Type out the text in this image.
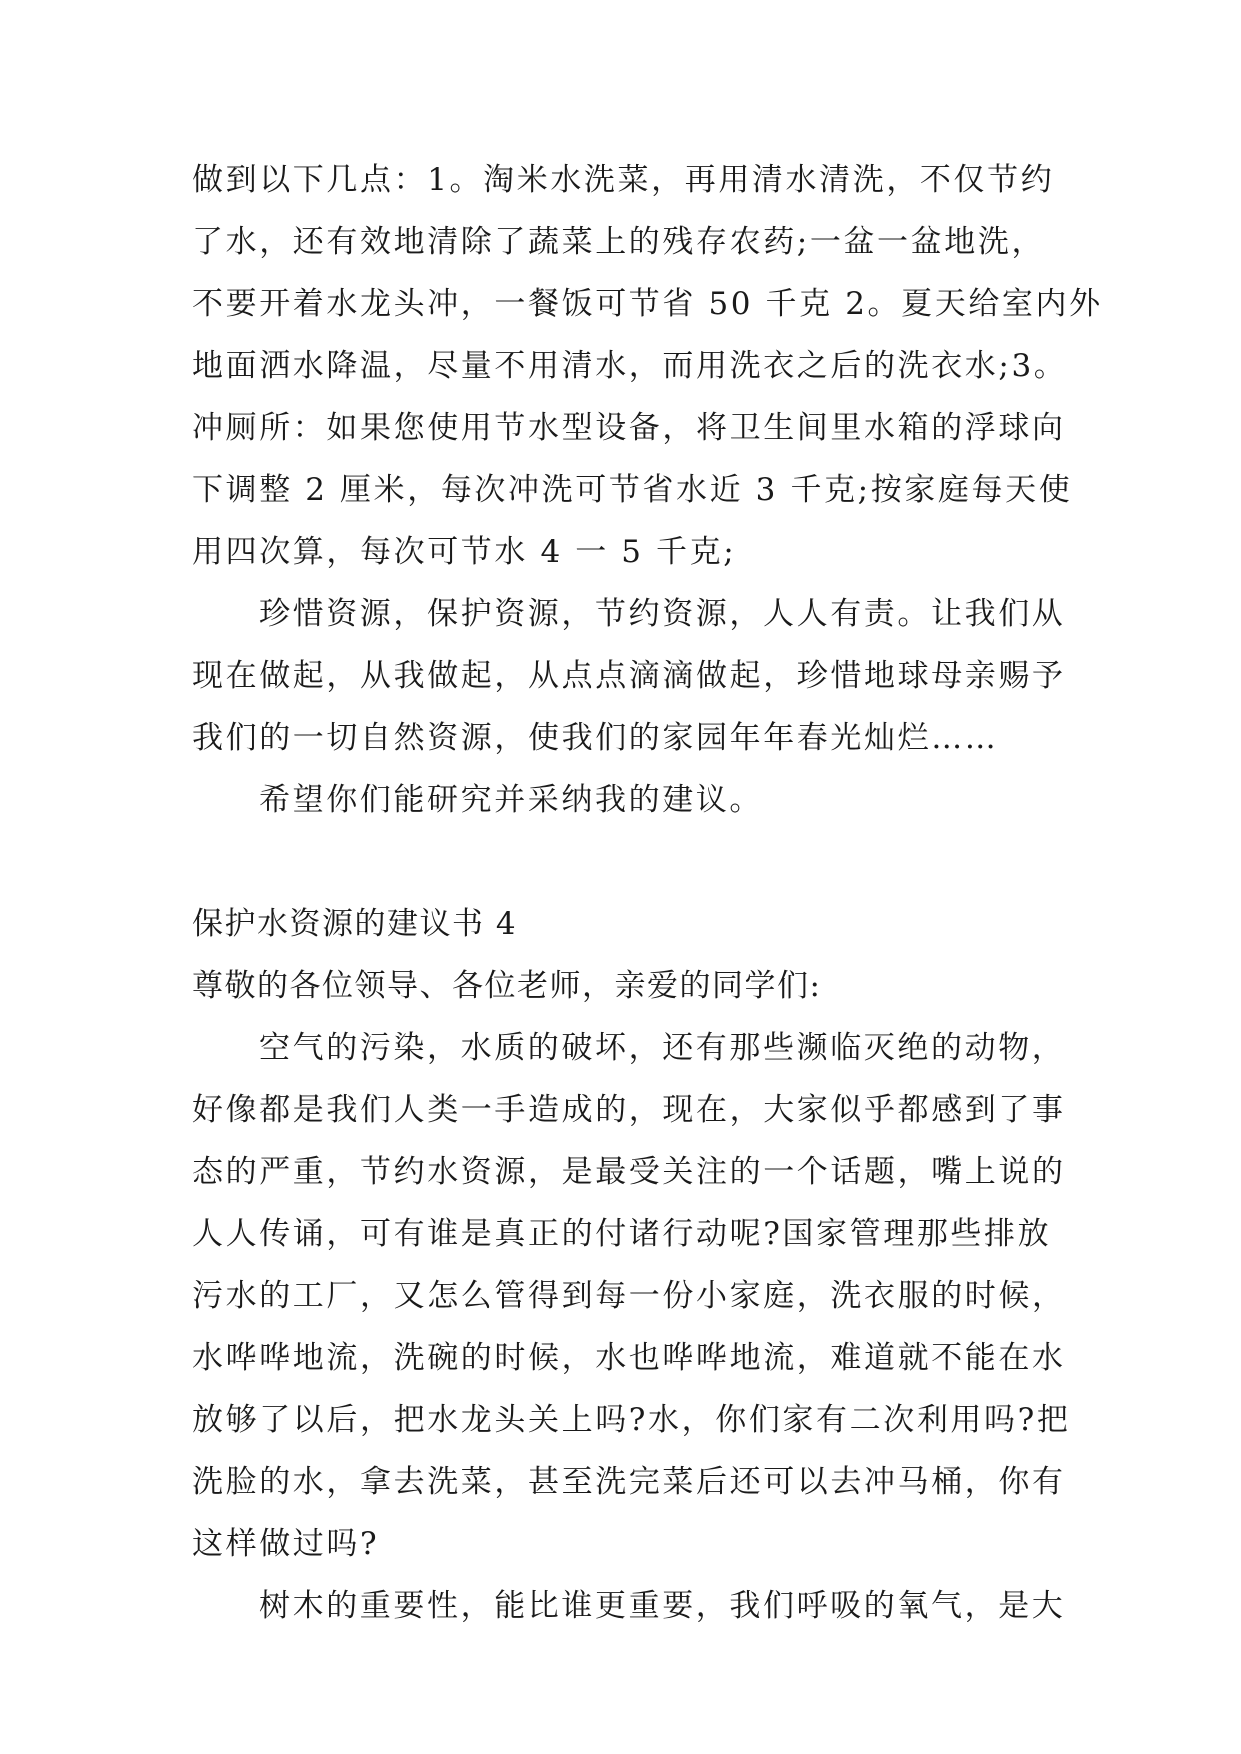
做到以下几点：1。淘米水洗菜，再用清水清洗，不仅节约
了水，还有效地清除了蔬菜上的残存农药;一盆一盆地洗，
不要开着水龙头冲，一餐饭可节省 50 千克 2。夏天给室内外
地面洒水降温，尽量不用清水，而用洗衣之后的洗衣水;3。
冲厕所：如果您使用节水型设备，将卫生间里水箱的浮球向
下调整 2 厘米，每次冲洗可节省水近 3 千克;按家庭每天使
用四次算，每次可节水 4 一 5 千克;
珍惜资源，保护资源，节约资源，人人有责。让我们从
现在做起，从我做起，从点点滴滴做起，珍惜地球母亲赐予
我们的一切自然资源，使我们的家园年年春光灿烂……
希望你们能研究并采纳我的建议。
保护水资源的建议书 4
尊敬的各位领导、各位老师，亲爱的同学们:
空气的污染，水质的破坏，还有那些濒临灭绝的动物，
好像都是我们人类一手造成的，现在，大家似乎都感到了事
态的严重，节约水资源，是最受关注的一个话题，嘴上说的
人人传诵，可有谁是真正的付诸行动呢?国家管理那些排放
污水的工厂，又怎么管得到每一份小家庭，洗衣服的时候，
水哗哗地流，洗碗的时候，水也哗哗地流，难道就不能在水
放够了以后，把水龙头关上吗?水，你们家有二次利用吗?把
洗脸的水，拿去洗菜，甚至洗完菜后还可以去冲马桶，你有
这样做过吗?
树木的重要性，能比谁更重要，我们呼吸的氧气，是大
